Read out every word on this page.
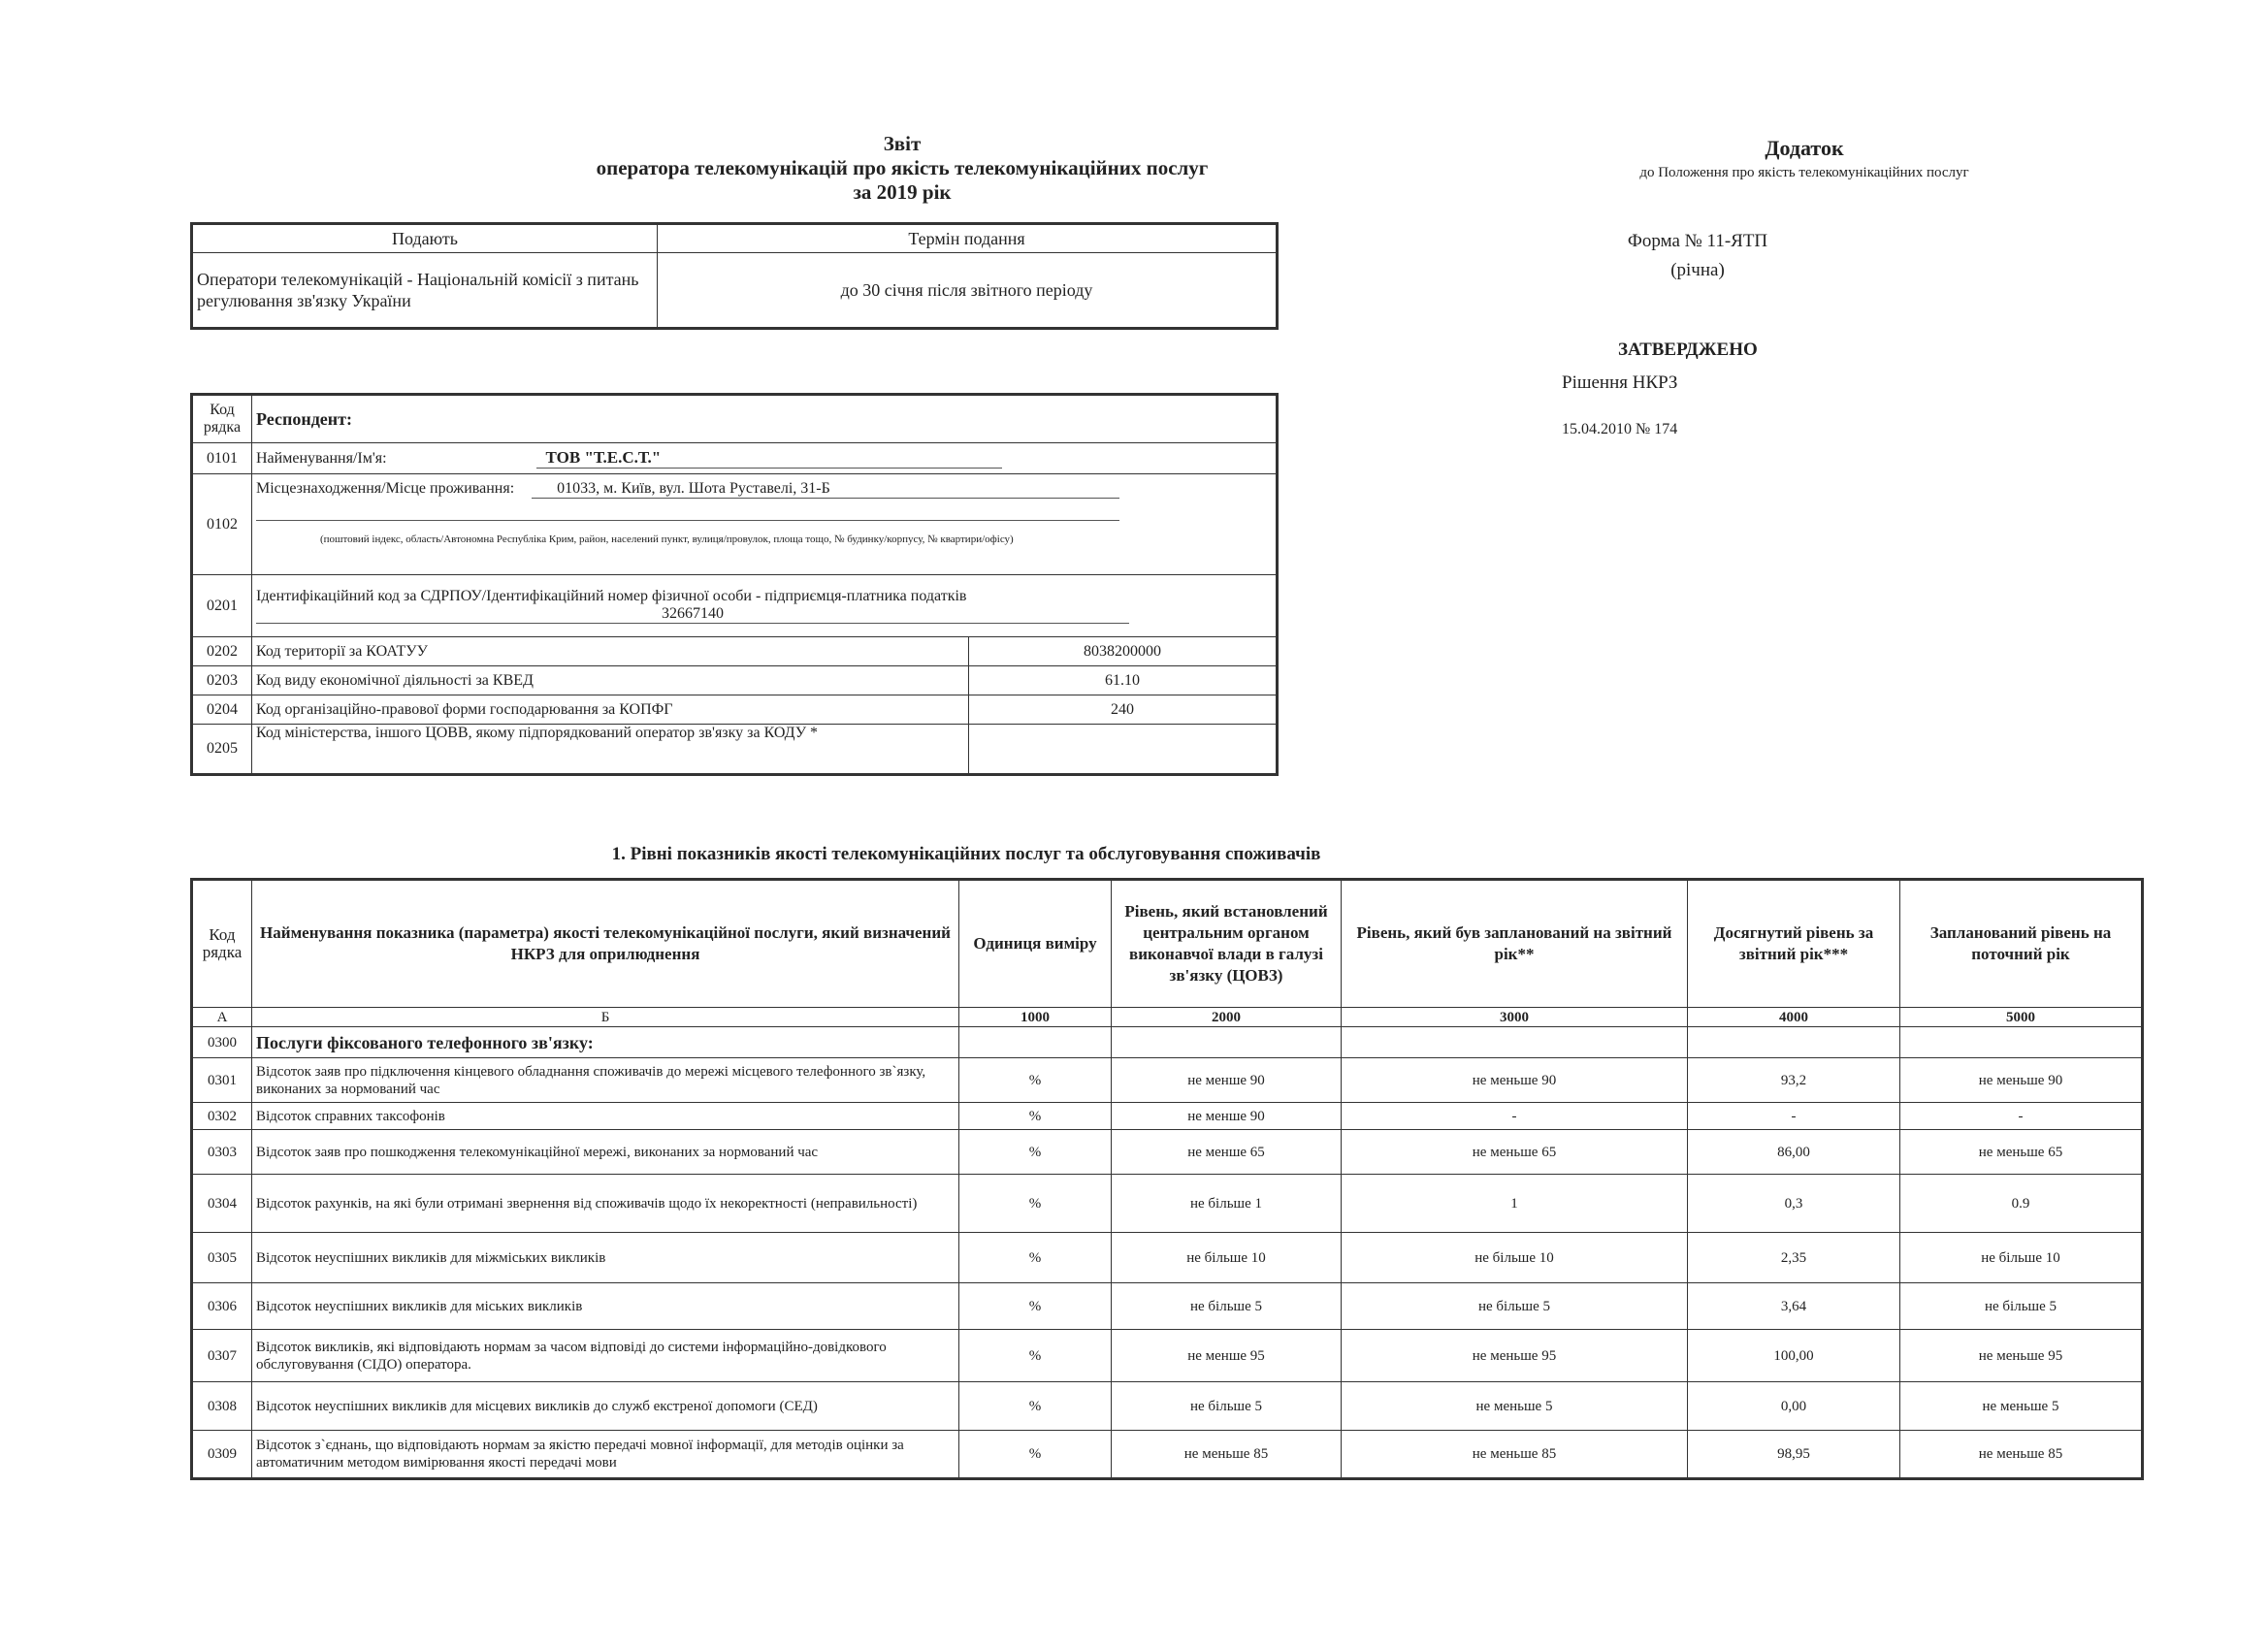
Звіт
оператора телекомунікацій про якість телекомунікаційних послуг
за 2019 рік
Додаток
до Положення про якість телекомунікаційних послуг
Форма № 11-ЯТП
(річна)
ЗАТВЕРДЖЕНО
Рішення НКРЗ
15.04.2010 № 174
Подають	Термін подання
Оператори телекомунікацій - Національній комісії з питань регулювання зв'язку України	до 30 січня після звітного періоду
Код рядка	Респондент:	
0101	Найменування/Ім'я: ТОВ "Т.Е.С.Т."	
0102	Місцезнаходження/Місце проживання: 01033, м. Київ, вул. Шота Руставелі, 31-Б
(поштовий індекс, область/Автономна Республіка Крим, район, населений пункт, вулиця/провулок, площа тощо, № будинку/корпусу, № квартири/офісу)	

0201	Ідентифікаційний код за СДРПОУ/Ідентифікаційний номер фізичної особи - підприємця-платника податків
32667140	
0202	Код території за КОАТУУ	8038200000
0203	Код виду економічної діяльності за КВЕД	61.10
0204	Код організаційно-правової форми господарювання за КОПФГ	240
0205	Код міністерства, іншого ЦОВВ, якому підпорядкований оператор зв'язку за КОДУ *	
1. Рівні показників якості телекомунікаційних послуг та обслуговування споживачів
Код рядка	Найменування показника (параметра) якості телекомунікаційної послуги, який визначений НКРЗ для оприлюднення	Одиниця виміру	Рівень, який встановлений центральним органом виконавчої влади в галузі зв'язку (ЦОВЗ)	Рівень, який був запланований на звітний рік**	Досягнутий рівень за звітний рік***	Запланований рівень на поточний рік
А	Б	1000	2000	3000	4000	5000
0300	Послуги фіксованого телефонного зв'язку:					
0301	Відсоток заяв про підключення кінцевого обладнання споживачів до мережі місцевого телефонного зв`язку, виконаних за нормований час	%	не менше 90	не меньше 90	93,2	не меньше 90
0302	Відсоток справних таксофонів	%	не менше 90	-	-	-
0303	Відсоток заяв про пошкодження телекомунікаційної мережі, виконаних за нормований час	%	не менше 65	не меньше 65	86,00	не меньше 65
0304	Відсоток рахунків, на які були отримані звернення від споживачів щодо їх некоректності (неправильності)	%	не більше 1	1	0,3	0.9
0305	Відсоток неуспішних викликів для міжміських викликів	%	не більше 10	не більше 10	2,35	не більше 10
0306	Відсоток неуспішних викликів для міських викликів	%	не більше 5	не більше 5	3,64	не більше 5
0307	Відсоток викликів, які відповідають нормам за часом відповіді до системи інформаційно-довідкового обслуговування (СІДО) оператора.	%	не менше 95	не меньше 95	100,00	не меньше 95
0308	Відсоток неуспішних викликів для місцевих викликів до служб екстреної допомоги (СЕД)	%	не більше 5	не меньше 5	0,00	не меньше 5
0309	Відсоток з`єднань, що відповідають нормам за якістю передачі мовної інформації, для методів оцінки за автоматичним методом вимірювання якості передачі мови	%	не меньше 85	не меньше 85	98,95	не меньше 85
